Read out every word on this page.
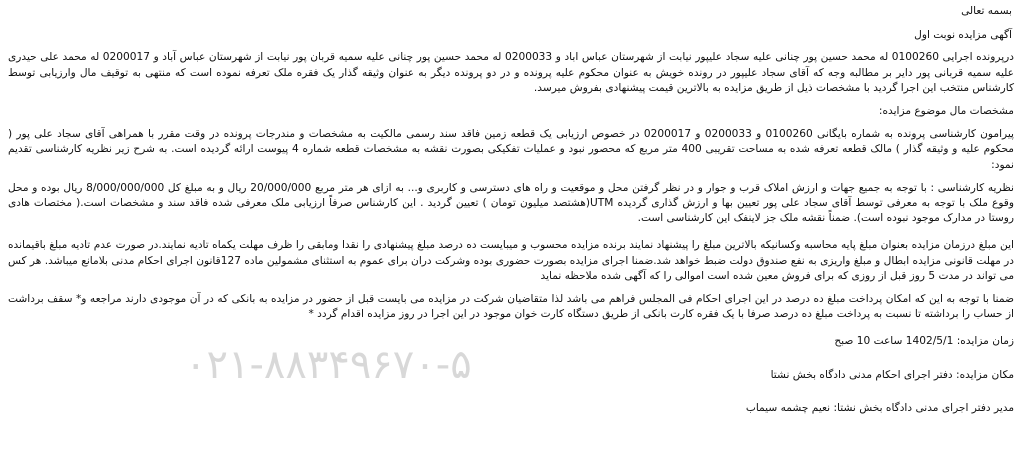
۰۲۱-۸۸۳۴۹۶۷۰-۵

بسمه تعالی

آگهی مزایده نوبت اول

درپرونده اجرایی 0100260 له محمد حسین پور چنانی علیه سجاد علیپور نیابت از شهرستان عباس اباد و 0200033 له محمد حسین پور چنانی علیه سمیه قربان پور نیابت از شهرستان عباس آباد و 0200017 له محمد علی حیدری علیه سمیه قربانی پور دایر بر مطالبه وجه که آقای سجاد علیپور در رونده خویش به عنوان محکوم علیه پرونده و در دو پرونده دیگر به عنوان وثیقه گذار یک فقره ملک تعرفه نموده است که منتهی به توقیف مال وارزیابی توسط کارشناس منتخب این اجرا گردید با مشخصات ذیل از طریق مزایده به بالاترین قیمت پیشنهادی بفروش میرسد.

مشخصات مال موضوع مزایده:

پیرامون کارشناسی پرونده به شماره بایگانی 0100260 و 0200033 و 0200017 در خصوص ارزیابی یک قطعه زمین فاقد سند رسمی مالکیت به مشخصات و مندرجات پرونده در وقت مقرر با همراهی آقای سجاد علی پور ( محکوم علیه و وثیقه گذار ) مالک قطعه تعرفه شده به مساحت تقریبی 400 متر مربع که محصور نبود و عملیات تفکیکی بصورت نقشه به مشخصات قطعه شماره 4 پیوست ارائه گردیده است. به شرح زیر نظریه کارشناسی تقدیم نمود:

نظریه کارشناسی : با توجه به جمیع جهات و ارزش املاک قرب و جوار و در نظر گرفتن محل و موقعیت و راه های دسترسی و کاربری و... به ازای هر متر مربع 20/000/000 ریال و به مبلغ کل 8/000/000/000 ریال بوده و محل وقوع ملک با توجه به معرفی توسط آقای سجاد علی پور تعیین بها و ارزش گذاری گردیده UTM(هشتصد میلیون تومان ) تعیین گردید . این کارشناس صرفاً ارزیابی ملک معرفی شده فاقد سند و مشخصات است.( مختصات هادی روستا در مدارک موجود نبوده است). ضمناً نقشه ملک جز لاینفک این کارشناسی است.

این مبلغ درزمان مزایده بعنوان مبلغ پایه محاسبه وکسانیکه بالاترین مبلغ را پیشنهاد نمایند برنده مزایده محسوب و میبایست ده درصد مبلغ پیشنهادی را نقدا ومابقی را ظرف مهلت یکماه تادیه نمایند.در صورت عدم تادیه مبلغ باقیمانده در مهلت قانونی مزایده ابطال و مبلغ واریزی به نفع صندوق دولت ضبط خواهد شد.ضمنا اجرای مزایده بصورت حضوری بوده وشرکت دران برای عموم به استثنای مشمولین ماده 127قانون اجرای احکام مدنی بلامانع میباشد. هر کس می تواند در مدت 5 روز قبل از روزی که برای فروش معین شده است اموالی را که آگهی شده ملاحظه نماید

ضمنا با توجه به این که امکان پرداخت مبلغ ده درصد در این اجرای احکام فی المجلس فراهم می باشد لذا متقاضیان شرکت در مزایده می بایست قبل از حضور در مزایده به بانکی که در آن موجودی دارند مراجعه و* سقف برداشت از حساب را برداشته تا نسبت به پرداخت مبلغ ده درصد صرفا با یک فقره کارت بانکی از طریق دستگاه کارت خوان موجود در این اجرا در روز مزایده اقدام گردد *

زمان مزایده: 1402/5/1 ساعت 10 صبح

مکان مزایده: دفتر اجرای احکام مدنی دادگاه بخش نشتا

مدیر دفتر اجرای مدنی دادگاه بخش نشتا: نعیم چشمه سیماب
